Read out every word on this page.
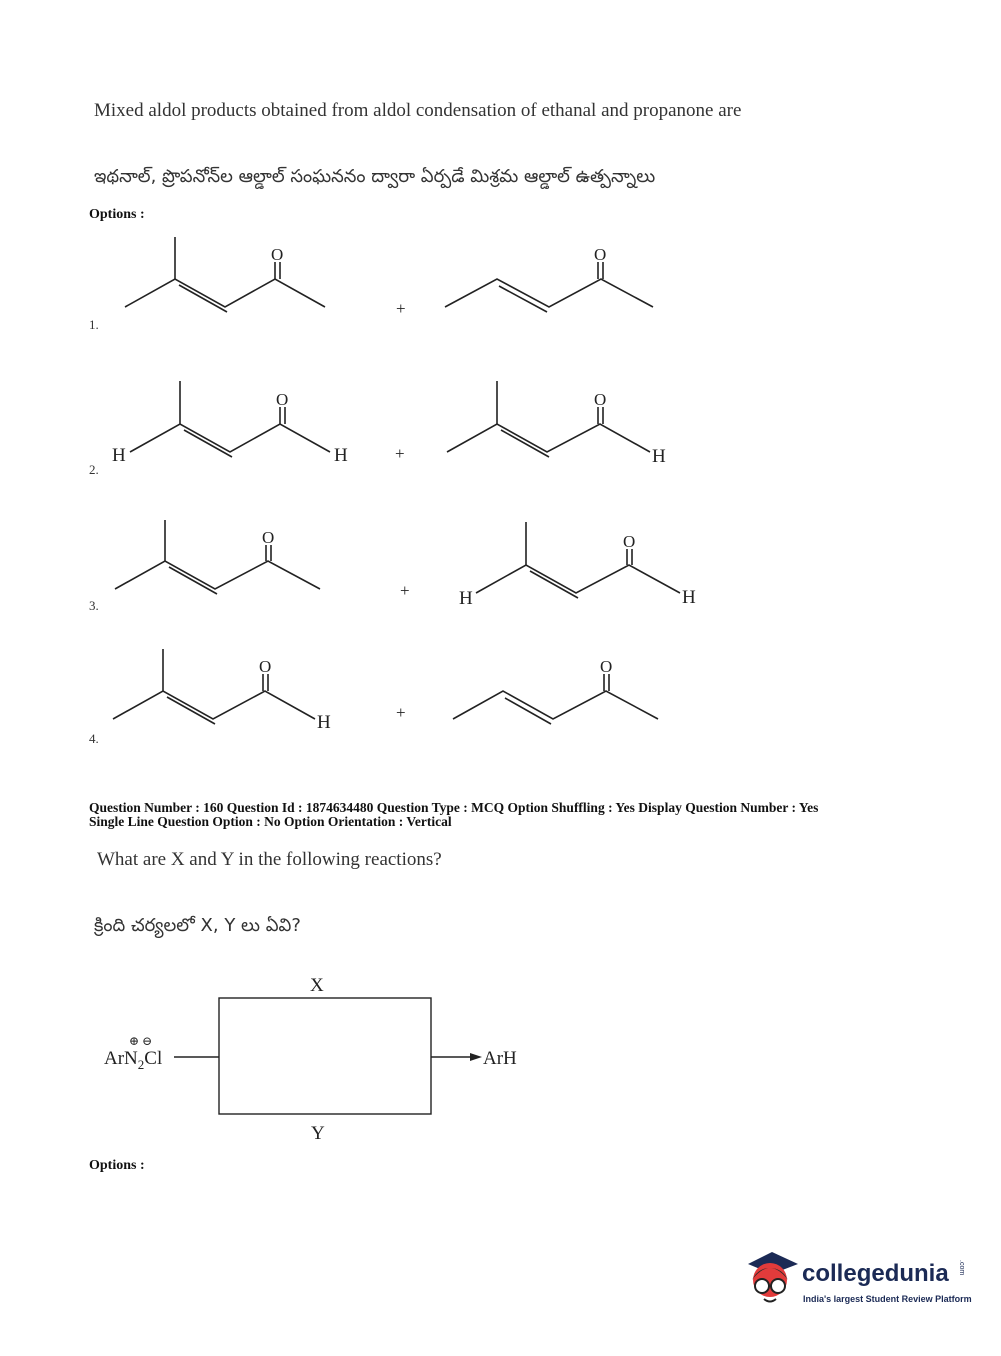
Mixed aldol products obtained from aldol condensation of ethanal and propanone are
ఇథనాల్, ప్రొపనోన్‌ల ఆల్డాల్ సంఘననం ద్వారా ఏర్పడే మిశ్రమ ఆల్డాల్ ఉత్పన్నాలు
Options :
1.
2.
3.
4.
O	O
+
O	O
H	H	H
+
O	O
H	H
+
O	O
H	+
Question Number : 160 Question Id : 1874634480 Question Type : MCQ Option Shuffling : Yes Display Question Number : Yes
Single Line Question Option : No Option Orientation : Vertical
What are X and Y in the following reactions?
క్రింది చర్యలలో X, Y లు ఏవి?
X
Y
⊕ ⊖
ArN$_2$Cl	ArH
Options :
collegedunia .com
India's largest Student Review Platform
